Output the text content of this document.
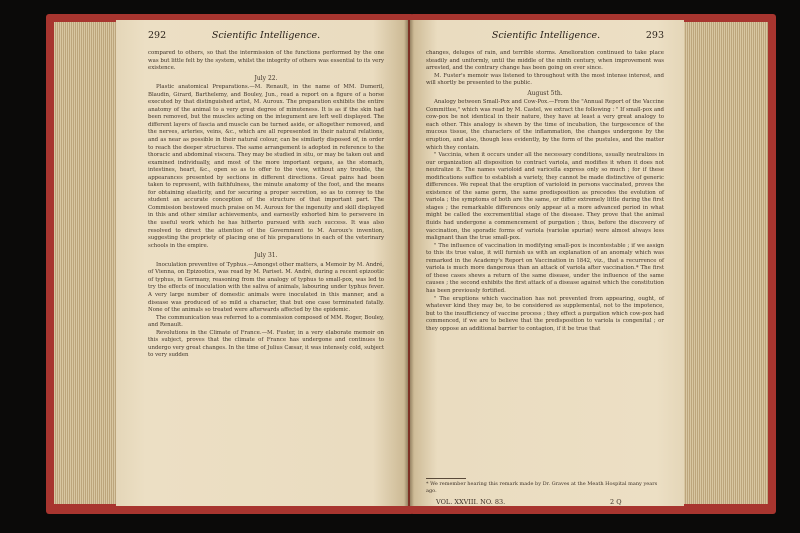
292	Scientific Intelligence.	Scientific Intelligence.	293

compared to others, so that the intermission of the functions performed by the one was but little felt by the system, whilst the integrity of others was essential to its very existence.

July 22.

Plastic anatomical Preparations.—M. Renault, in the name of MM. Dumeril, Blaudin, Girard, Barthelemy, and Bouley, Jun., read a report on a figure of a horse executed by that distinguished artist, M. Auroux. The preparation exhibits the entire anatomy of the animal to a very great degree of minuteness. It is as if the skin had been removed, but the muscles acting on the integument are left well displayed. The different layers of fascia and muscle can be turned aside, or altogether removed, and the nerves, arteries, veins, &c., which are all represented in their natural relations, and as near as possible in their natural colour, can be similarly disposed of, in order to reach the deeper structures. The same arrangement is adopted in reference to the thoracic and abdominal viscera. They may be studied in situ, or may be taken out and examined individually, and most of the more important organs, as the stomach, intestines, heart, &c., open so as to offer to the view, without any trouble, the appearances presented by sections in different directions. Great pains had been taken to represent, with faithfulness, the minute anatomy of the foot, and the means for obtaining elasticity, and for securing a proper secretion, so as to convey to the student an accurate conception of the structure of that important part. The Commission bestowed much praise on M. Auroux for the ingenuity and skill displayed in this and other similar achievements, and earnestly exhorted him to persevere in the useful work which he has hitherto pursued with such success. It was also resolved to direct the attention of the Government to M. Auroux's invention, suggesting the propriety of placing one of his preparations in each of the veterinary schools in the empire.

July 31.

Inoculation preventive of Typhus.—Amongst other matters, a Memoir by M. André, of Vienna, on Epizootics, was read by M. Pariset. M. André, during a recent epizootic of typhus, in Germany, reasoning from the analogy of typhus to small-pox, was led to try the effects of inoculation with the saliva of animals, labouring under typhus fever. A very large number of domestic animals were inoculated in this manner, and a disease was produced of so mild a character, that but one case terminated fatally. None of the animals so treated were afterwards affected by the epidemic.

The communication was referred to a commission composed of MM. Roger, Bouley, and Renault.

Revolutions in the Climate of France.—M. Fuster, in a very elaborate memoir on this subject, proves that the climate of France has undergone and continues to undergo very great changes. In the time of Julius Cæsar, it was intensely cold, subject to very sudden

changes, deluges of rain, and terrible storms. Amelioration continued to take place steadily and uniformly, until the middle of the ninth century, when improvement was arrested, and the contrary change has been going on ever since.

M. Fuster's memoir was listened to throughout with the most intense interest, and will shortly be presented to the public.

August 5th.

Analogy between Small-Pox and Cow-Pox.—From the "Annual Report of the Vaccine Committee," which was read by M. Castel, we extract the following : " If small-pox and cow-pox be not identical in their nature, they have at least a very great analogy to each other. This analogy is shewn by the time of incubation, the turgescence of the mucous tissue, the characters of the inflammation, the changes undergone by the eruption, and also, though less evidently, by the form of the pustules, and the matter which they contain.

" Vaccinia, when it occurs under all the necessary conditions, usually neutralizes in our organization all disposition to contract variola, and modifies it when it does not neutralize it. The names varioloid and varicella express only so much ; for if these modifications suffice to establish a variety, they cannot be made distinctive of generic differences. We repeat that the eruption of varioloid in persons vaccinated, proves the existence of the same germ, the same predisposition as precedes the evolution of variola ; the symptoms of both are the same, or differ extremely little during the first stages ; the remarkable differences only appear at a more advanced period in what might be called the excrementitial stage of the disease. They prove that the animal fluids had undergone a commencement of purgation ; thus, before the discovery of vaccination, the sporadic forms of variola (variolæ spuriæ) were almost always less malignant than the true small-pox.

" The influence of vaccination in modifying small-pox is incontestable ; if we assign to this its true value, it will furnish us with an explanation of an anomaly which was remarked in the Academy's Report on Vaccination in 1842, viz., that a recurrence of variola is much more dangerous than an attack of variola after vaccination.* The first of these cases shews a return of the same disease, under the influence of the same causes ; the second exhibits the first attack of a disease against which the constitution has been previously fortified.

" The eruptions which vaccination has not prevented from appearing, ought, of whatever kind they may be, to be considered as supplemental, not to the impotence, but to the insufficiency of vaccine process ; they effect a purgation which cow-pox had commenced, if we are to believe that the predisposition to variola is congenital ; or they oppose an additional barrier to contagion, if it be true that

* We remember hearing this remark made by Dr. Graves at the Meath Hospital many years ago.
VOL. XXVIII. NO. 83.	2 Q
